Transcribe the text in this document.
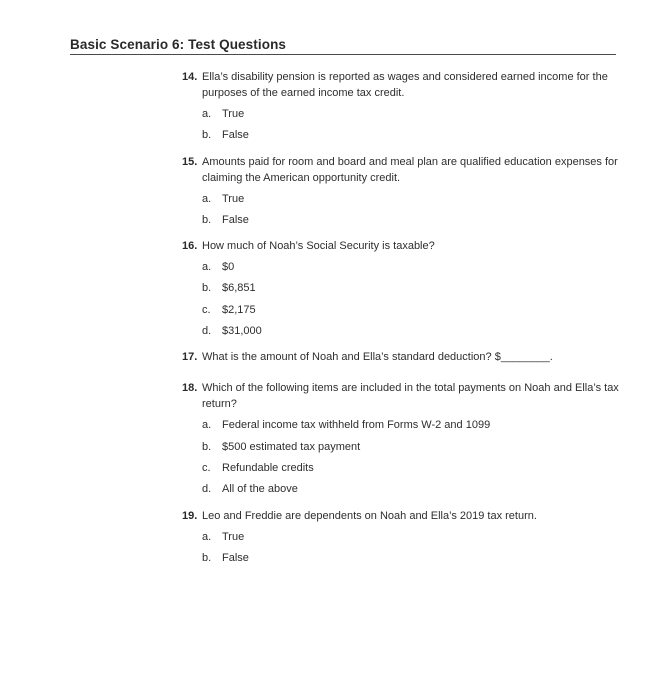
Basic Scenario 6: Test Questions
14. Ella’s disability pension is reported as wages and considered earned income for the purposes of the earned income tax credit.
a. True
b. False
15. Amounts paid for room and board and meal plan are qualified education expenses for claiming the American opportunity credit.
a. True
b. False
16. How much of Noah’s Social Security is taxable?
a. $0
b. $6,851
c.	$2,175
d. $31,000
17. What is the amount of Noah and Ella’s standard deduction? $________.
18. Which of the following items are included in the total payments on Noah and Ella’s tax return?
a. Federal income tax withheld from Forms W-2 and 1099
b. $500 estimated tax payment
c.	Refundable credits
d. All of the above
19. Leo and Freddie are dependents on Noah and Ella’s 2019 tax return.
a. True
b. False
